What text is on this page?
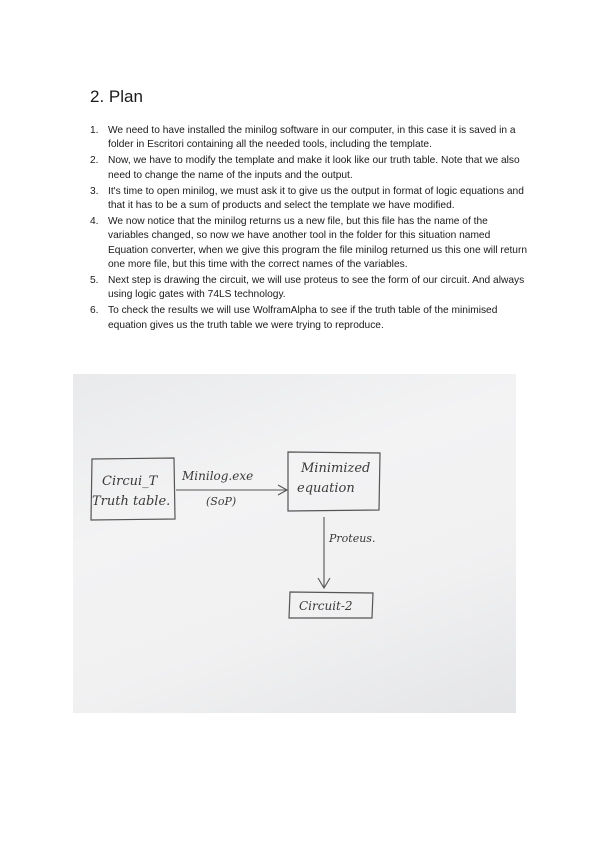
2. Plan
1. We need to have installed the minilog software in our computer, in this case it is saved in a folder in Escritori containing all the needed tools, including the template.
2. Now, we have to modify the template and make it look like our truth table. Note that we also need to change the name of the inputs and the output.
3. It's time to open minilog, we must ask it to give us the output in format of logic equations and that it has to be a sum of products and select the template we have modified.
4. We now notice that the minilog returns us a new file, but this file has the name of the variables changed, so now we have another tool in the folder for this situation named Equation converter, when we give this program the file minilog returned us this one will return one more file, but this time with the correct names of the variables.
5. Next step is drawing the circuit, we will use proteus to see the form of our circuit. And always using logic gates with 74LS technology.
6. To check the results we will use WolframAlpha to see if the truth table of the minimised equation gives us the truth table we were trying to reproduce.
Circui_T
Truth table.
Minilog.exe
(SoP)
Minimized
equation
Proteus.
Circuit-2
